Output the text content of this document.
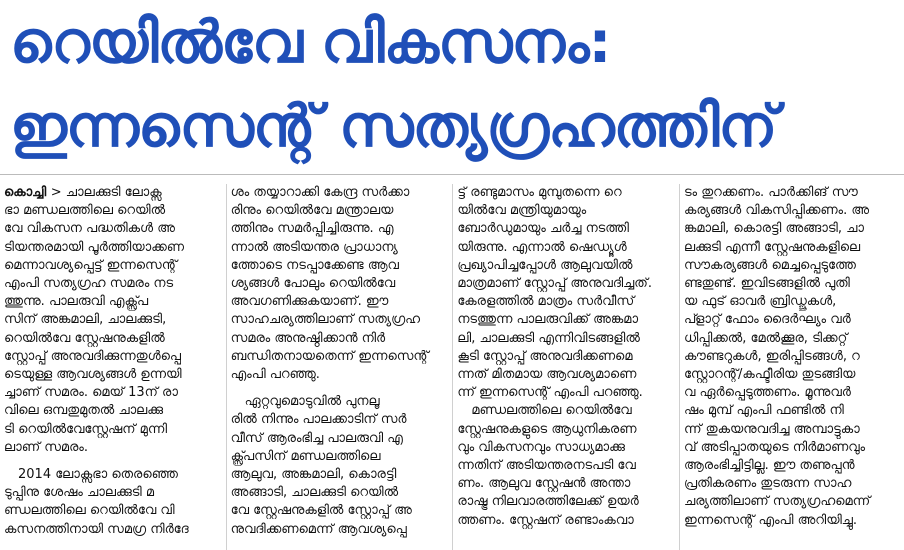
റെയിൽവേ വികസനം:
ഇന്നസെന്റ് സത്യഗ്രഹത്തിന്
കൊച്ചി > ചാലക്കുടി ലോക്സ
ഭാ മണ്ഡലത്തിലെ റെയിൽ
വേ വികസന പദ്ധതികൾ അ
ടിയന്തരമായി പൂർത്തിയാക്കണ
മെന്നാവശ്യപ്പെട്ട് ഇന്നസെന്റ്
എംപി സത്യഗ്രഹ സമരം നട
ത്തുന്നു. പാലരുവി എക്സ്പ്ര
സിന് അങ്കമാലി, ചാലക്കുടി,
റെയിൽവേ സ്റ്റേഷനുകളിൽ
സ്റ്റോപ്പ് അനുവദിക്കുന്നതുൾപ്പെ
ടെയുള്ള ആവശ്യങ്ങൾ ഉന്നയി
ച്ചാണ് സമരം. മെയ് 13ന് രാ
വിലെ ഒമ്പതുമുതൽ ചാലക്കു
ടി റെയിൽവേസ്റ്റേഷന് മുന്നി
ലാണ് സമരം.
2014 ലോക്സഭാ തെരഞ്ഞെ
ടുപ്പിനു ശേഷം ചാലക്കുടി മ
ണ്ഡലത്തിലെ റെയിൽവേ വി
കസനത്തിനായി സമഗ്ര നിർദേ
ശം തയ്യാറാക്കി കേന്ദ്ര സർക്കാ
രിനും റെയിൽവേ മന്ത്രാലയ
ത്തിനും സമർപ്പിച്ചിരുന്നു. എ
ന്നാൽ അടിയന്തര പ്രാധാന്യ
ത്തോടെ നടപ്പാക്കേണ്ട ആവ
ശ്യങ്ങൾ പോലും റെയിൽവേ
അവഗണിക്കുകയാണ്. ഈ
സാഹചര്യത്തിലാണ് സത്യഗ്രഹ
സമരം അനുഷ്ഠിക്കാൻ നിർ
ബന്ധിതനായതെന്ന് ഇന്നസെന്റ്
എംപി പറഞ്ഞു.
ഏറ്റവുമൊടുവിൽ പുനലൂ
രിൽ നിന്നും പാലക്കാടിന് സർ
വീസ് ആരംഭിച്ച പാലരുവി എ
ക്സ്പ്രസിന് മണ്ഡലത്തിലെ
ആലുവ, അങ്കമാലി, കൊരട്ടി
അങ്ങാടി, ചാലക്കുടി റെയിൽ
വേ സ്റ്റേഷനുകളിൽ സ്റ്റോപ്പ് അ
നുവദിക്കണമെന്ന് ആവശ്യപ്പെ
ട്ട് രണ്ടുമാസം മുമ്പുതന്നെ റെ
യിൽവേ മന്ത്രിയുമായും
ബോർഡുമായും ചർച്ച നടത്തി
യിരുന്നു. എന്നാൽ ഷെഡ്യൂൾ
പ്രഖ്യാപിച്ചപ്പോൾ ആലുവയിൽ
മാത്രമാണ് സ്റ്റോപ്പ് അനുവദിച്ചത്.
കേരളത്തിൽ മാത്രം സർവീസ്
നടത്തുന്ന പാലരുവിക്ക് അങ്കമാ
ലി, ചാലക്കുടി എന്നിവിടങ്ങളിൽ
കൂടി സ്റ്റോപ്പ് അനുവദിക്കണമെ
ന്നത് മിതമായ ആവശ്യമാണെ
ന്ന് ഇന്നസെന്റ് എംപി പറഞ്ഞു.
മണ്ഡലത്തിലെ റെയിൽവേ
സ്റ്റേഷനുകളുടെ ആധുനികരണ
വും വികസനവും സാധ്യമാക്കു
ന്നതിന് അടിയന്തരനടപടി വേ
ണം. ആലുവ സ്റ്റേഷൻ അന്താ
രാഷ്ട്ര നിലവാരത്തിലേക്ക് ഉയർ
ത്തണം. സ്റ്റേഷന് രണ്ടാംകവാ
ടം തുറക്കണം. പാർക്കിങ് സൗ
കര്യങ്ങൾ വികസിപ്പിക്കണം. അ
ങ്കമാലി, കൊരട്ടി അങ്ങാടി, ചാ
ലക്കുടി എന്നീ സ്റ്റേഷനുകളിലെ
സൗകര്യങ്ങൾ മെച്ചപ്പെടുത്തേ
ണ്ടതുണ്ട്. ഇവിടങ്ങളിൽ പുതി
യ ഫുട് ഓവർ ബ്രിഡ്ജുകൾ,
പ്ളാറ്റ് ഫോം ദൈർഘ്യം വർ
ധിപ്പിക്കൽ, മേൽക്കൂര, ടിക്കറ്റ്
കൗണ്ടറുകൾ, ഇരിപ്പിടങ്ങൾ, റ
സ്റ്റോറന്റ്/കഫ്ടീരിയ തുടങ്ങിയ
വ ഏർപ്പെടുത്തണം. മൂന്നുവർ
ഷം മുമ്പ് എംപി ഫണ്ടിൽ നി
ന്ന് തുകയനുവദിച്ച അമ്പാട്ടുകാ
വ് അടിപ്പാതയുടെ നിർമാണവും
ആരംഭിച്ചിട്ടില്ല. ഈ തണുപ്പൻ
പ്രതികരണം തുടരുന്ന സാഹ
ചര്യത്തിലാണ് സത്യഗ്രഹമെന്ന്
ഇന്നസെന്റ് എംപി അറിയിച്ചു.
